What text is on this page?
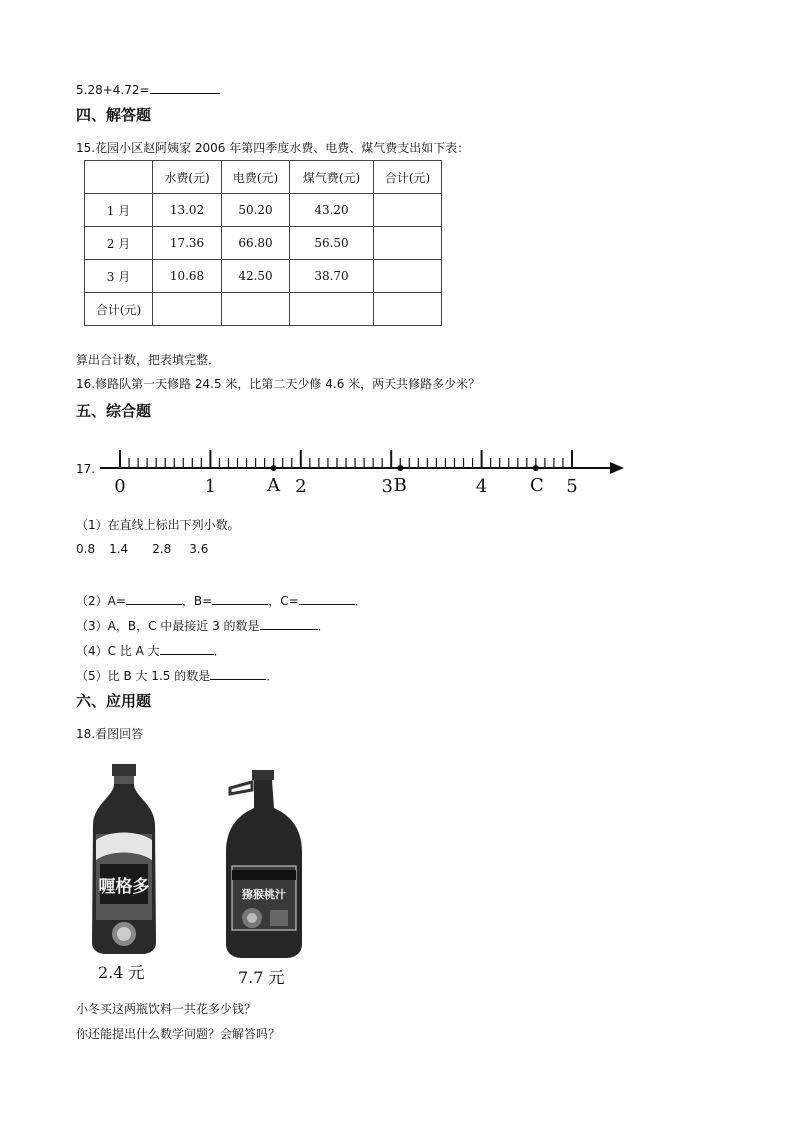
5.28+4.72=
四、解答题
15.花园小区赵阿姨家 2006 年第四季度水费、电费、煤气费支出如下表：
	水费(元)	电费(元)	煤气费(元)	合计(元)
1 月	13.02	50.20	43.20	
2 月	17.36	66.80	56.50	
3 月	10.68	42.50	38.70	
合计(元)				
算出合计数，把表填完整．
16.修路队第一天修路 24.5 米，比第二天少修 4.6 米，两天共修路多少米？
五、综合题
17.
0	1	2	3	4	5
A	B	C
（1）在直线上标出下列小数。
0.8 1.4 2.8 3.6
（2）A=	，B=	，C=	．
（3）A，B，C 中最接近 3 的数是	．
（4）C 比 A 大	．
（5）比 B 大 1.5 的数是	．
六、应用题
18.看图回答
喱格多
2.4 元
猕猴桃汁
7.7 元
小冬买这两瓶饮料一共花多少钱？
你还能提出什么数学问题？会解答吗？
